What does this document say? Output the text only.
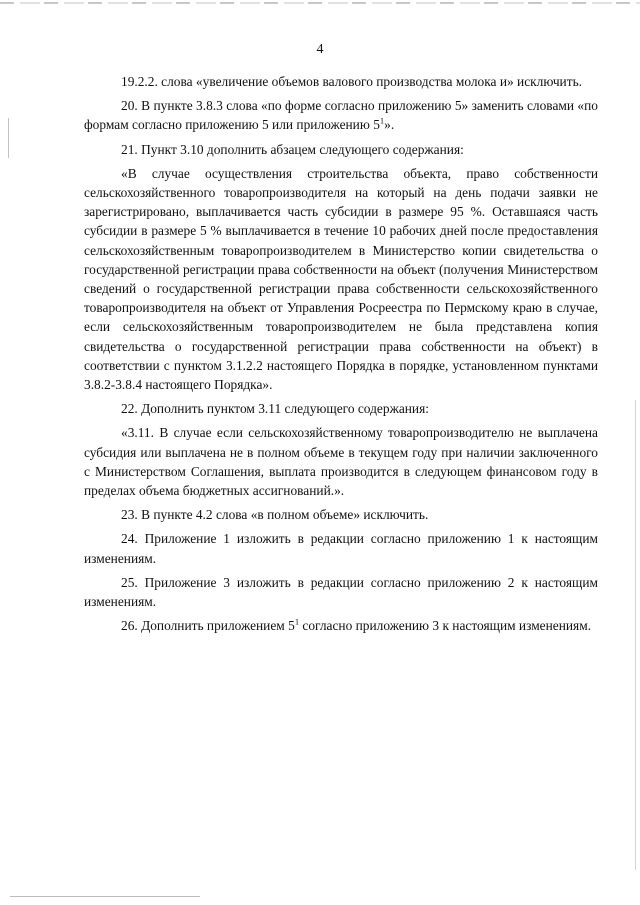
4

19.2.2. слова «увеличение объемов валового производства молока и» исключить.

20. В пункте 3.8.3 слова «по форме согласно приложению 5» заменить словами «по формам согласно приложению 5 или приложению $5^1$».

21. Пункт 3.10 дополнить абзацем следующего содержания:

«В случае осуществления строительства объекта, право собственности сельскохозяйственного товаропроизводителя на который на день подачи заявки не зарегистрировано, выплачивается часть субсидии в размере 95 %. Оставшаяся часть субсидии в размере 5 % выплачивается в течение 10 рабочих дней после предоставления сельскохозяйственным товаропроизводителем в Министерство копии свидетельства о государственной регистрации права собственности на объект (получения Министерством сведений о государственной регистрации права собственности сельскохозяйственного товаропроизводителя на объект от Управления Росреестра по Пермскому краю в случае, если сельскохозяйственным товаропроизводителем не была представлена копия свидетельства о государственной регистрации права собственности на объект) в соответствии с пунктом 3.1.2.2 настоящего Порядка в порядке, установленном пунктами 3.8.2-3.8.4 настоящего Порядка».

22. Дополнить пунктом 3.11 следующего содержания:

«3.11. В случае если сельскохозяйственному товаропроизводителю не выплачена субсидия или выплачена не в полном объеме в текущем году при наличии заключенного с Министерством Соглашения, выплата производится в следующем финансовом году в пределах объема бюджетных ассигнований.».

23. В пункте 4.2 слова «в полном объеме» исключить.

24. Приложение 1 изложить в редакции согласно приложению 1 к настоящим изменениям.

25. Приложение 3 изложить в редакции согласно приложению 2 к настоящим изменениям.

26. Дополнить приложением $5^1$ согласно приложению 3 к настоящим изменениям.
